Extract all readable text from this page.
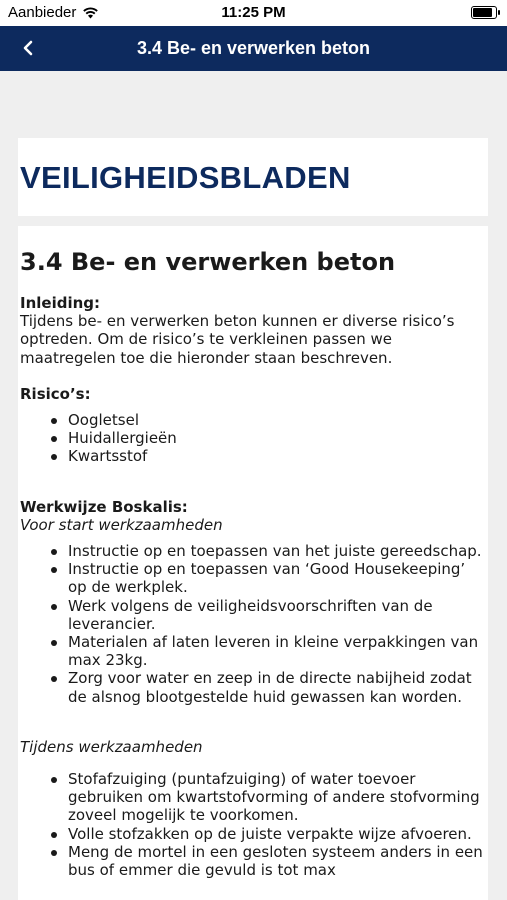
Aanbieder	11:25 PM
3.4 Be- en verwerken beton
VEILIGHEIDSBLADEN
3.4 Be- en verwerken beton

Inleiding:

Tijdens be- en verwerken beton kunnen er diverse risico’s optreden. Om de risico’s te verkleinen passen we maatregelen toe die hieronder staan beschreven.

Risico’s:

Oogletsel
Huidallergieën
Kwartsstof

Werkwijze Boskalis:

Voor start werkzaamheden

Instructie op en toepassen van het juiste gereedschap.
Instructie op en toepassen van ‘Good Housekeeping’ op de werkplek.
Werk volgens de veiligheidsvoorschriften van de leverancier.
Materialen af laten leveren in kleine verpakkingen van max 23kg.
Zorg voor water en zeep in de directe nabijheid zodat de alsnog blootgestelde huid gewassen kan worden.

Tijdens werkzaamheden

Stofafzuiging (puntafzuiging) of water toevoer gebruiken om kwartstofvorming of andere stofvorming zoveel mogelijk te voorkomen.
Volle stofzakken op de juiste verpakte wijze afvoeren.
Meng de mortel in een gesloten systeem anders in een bus of emmer die gevuld is tot max
